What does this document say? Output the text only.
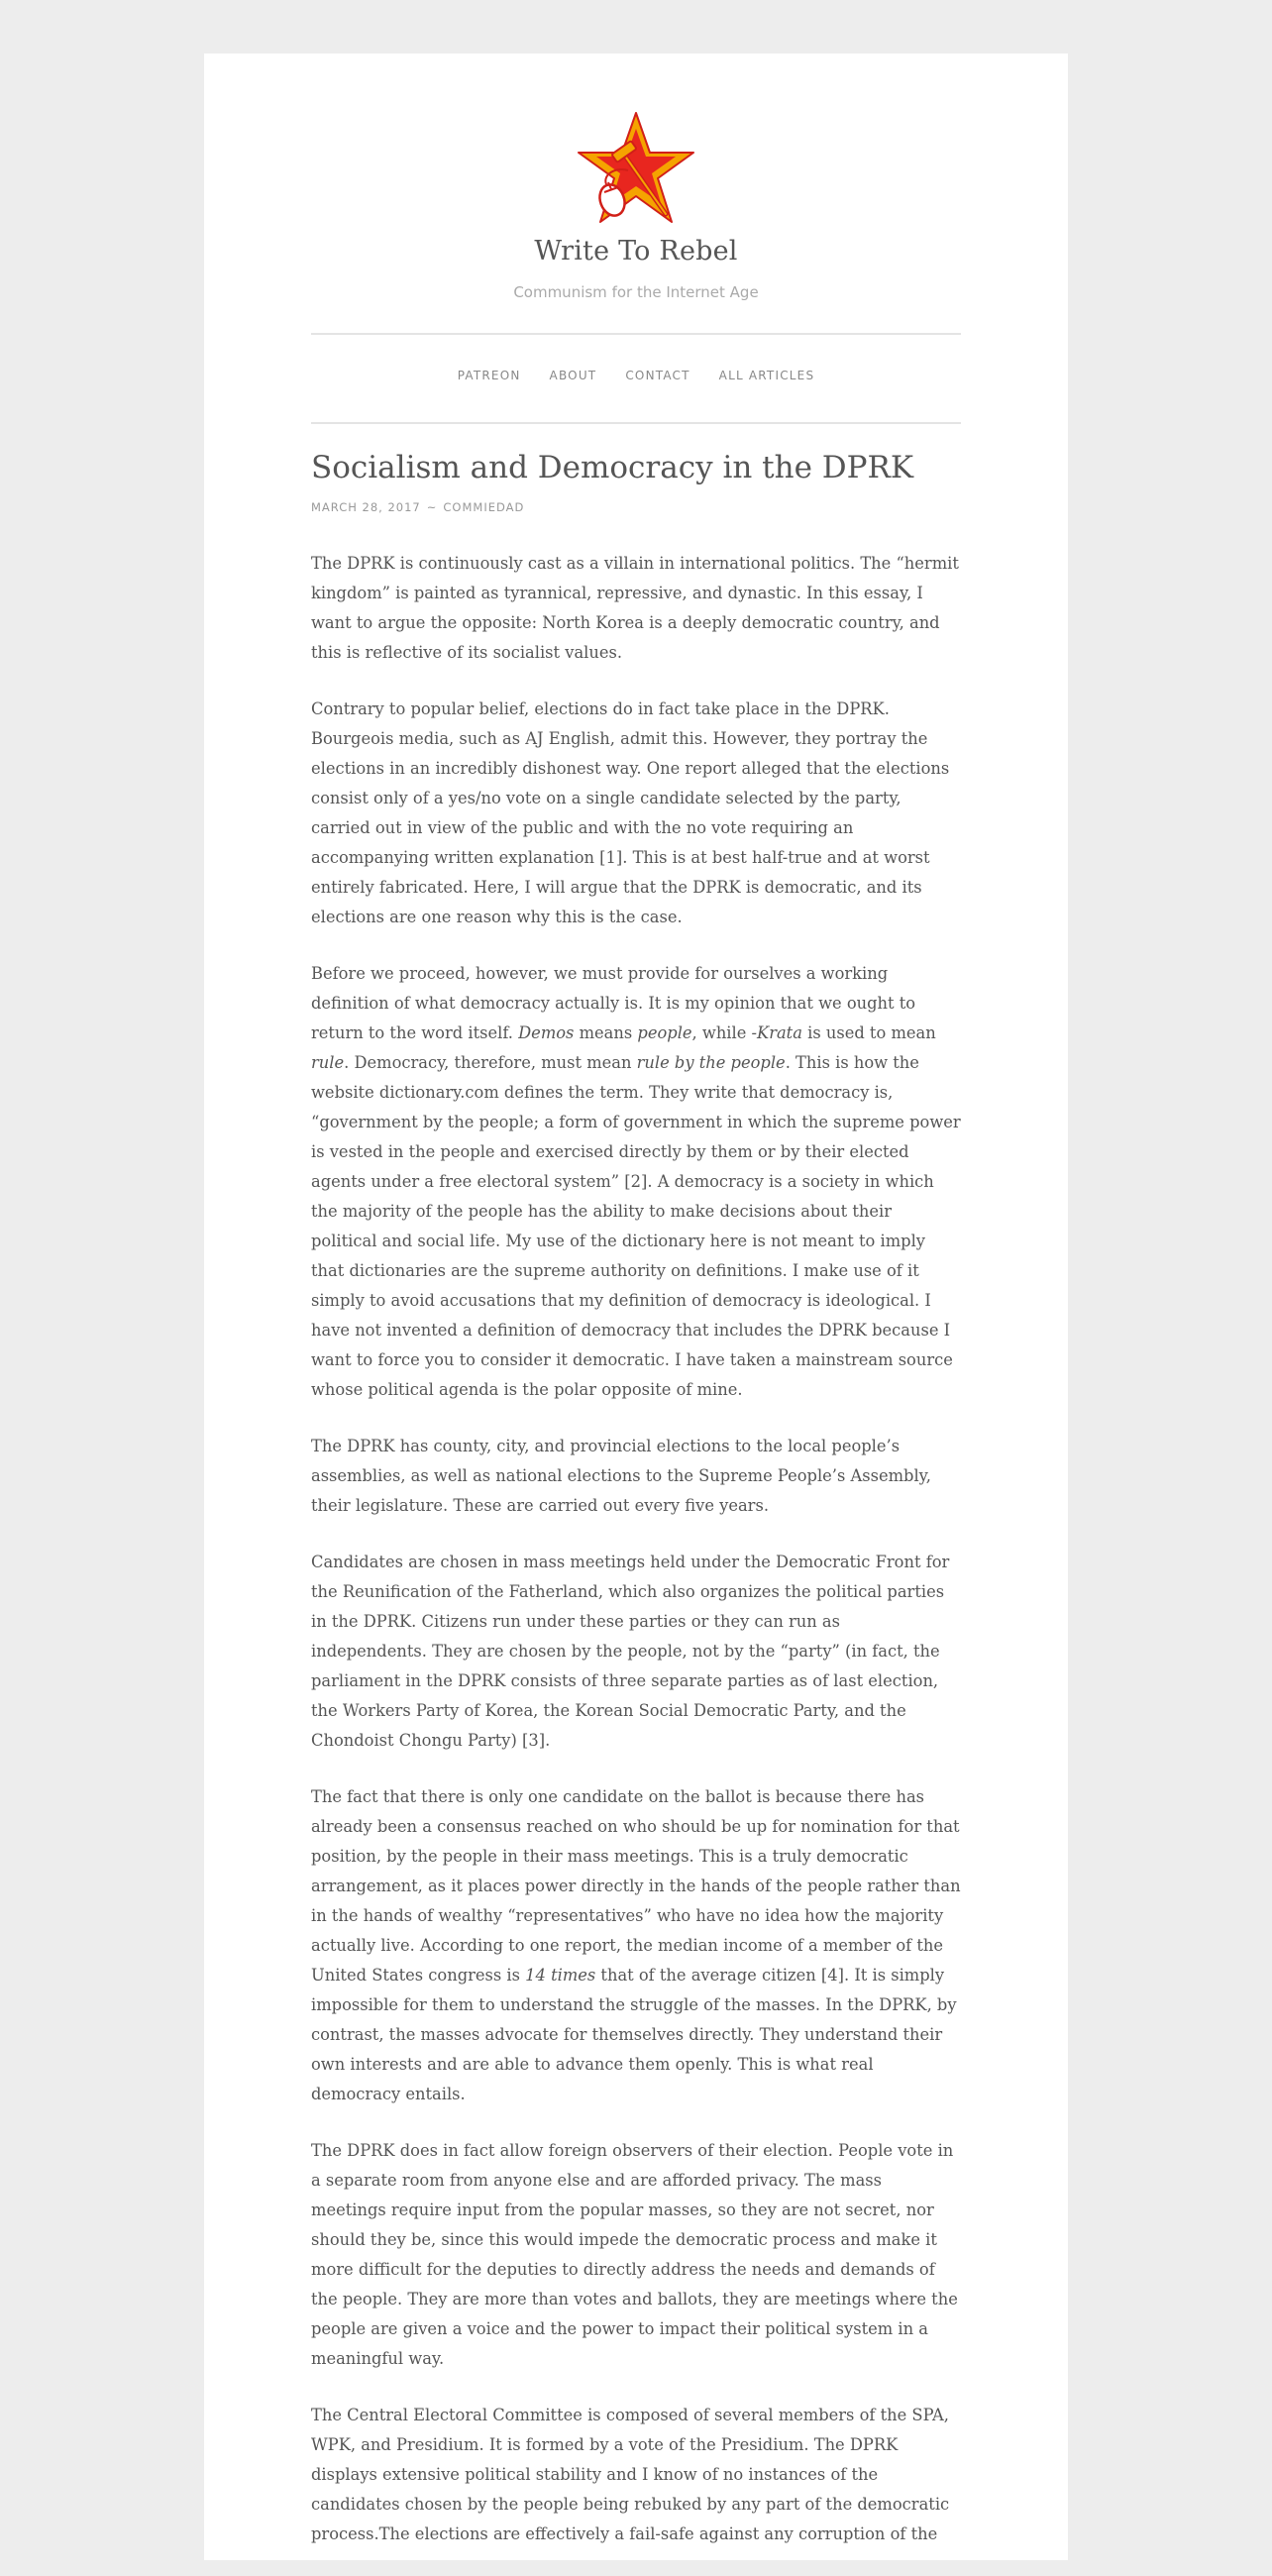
Write To Rebel
Communism for the Internet Age
PATREON ABOUT CONTACT ALL ARTICLES
Socialism and Democracy in the DPRK
MARCH 28, 2017 ~ COMMIEDAD

The DPRK is continuously cast as a villain in international politics. The “hermit kingdom” is painted as tyrannical, repressive, and dynastic. In this essay, I want to argue the opposite: North Korea is a deeply democratic country, and this is reflective of its socialist values.

Contrary to popular belief, elections do in fact take place in the DPRK. Bourgeois media, such as AJ English, admit this. However, they portray the elections in an incredibly dishonest way. One report alleged that the elections consist only of a yes/no vote on a single candidate selected by the party, carried out in view of the public and with the no vote requiring an accompanying written explanation [1]. This is at best half-true and at worst entirely fabricated. Here, I will argue that the DPRK is democratic, and its elections are one reason why this is the case.

Before we proceed, however, we must provide for ourselves a working definition of what democracy actually is. It is my opinion that we ought to return to the word itself. Demos means people, while -Krata is used to mean rule. Democracy, therefore, must mean rule by the people. This is how the website dictionary.com defines the term. They write that democracy is, “government by the people; a form of government in which the supreme power is vested in the people and exercised directly by them or by their elected agents under a free electoral system” [2]. A democracy is a society in which the majority of the people has the ability to make decisions about their political and social life. My use of the dictionary here is not meant to imply that dictionaries are the supreme authority on definitions. I make use of it simply to avoid accusations that my definition of democracy is ideological. I have not invented a definition of democracy that includes the DPRK because I want to force you to consider it democratic. I have taken a mainstream source whose political agenda is the polar opposite of mine.

The DPRK has county, city, and provincial elections to the local people’s assemblies, as well as national elections to the Supreme People’s Assembly, their legislature. These are carried out every five years.

Candidates are chosen in mass meetings held under the Democratic Front for the Reunification of the Fatherland, which also organizes the political parties in the DPRK. Citizens run under these parties or they can run as independents. They are chosen by the people, not by the “party” (in fact, the parliament in the DPRK consists of three separate parties as of last election, the Workers Party of Korea, the Korean Social Democratic Party, and the Chondoist Chongu Party) [3].

The fact that there is only one candidate on the ballot is because there has already been a consensus reached on who should be up for nomination for that position, by the people in their mass meetings. This is a truly democratic arrangement, as it places power directly in the hands of the people rather than in the hands of wealthy “representatives” who have no idea how the majority actually live. According to one report, the median income of a member of the United States congress is 14 times that of the average citizen [4]. It is simply impossible for them to understand the struggle of the masses. In the DPRK, by contrast, the masses advocate for themselves directly. They understand their own interests and are able to advance them openly. This is what real democracy entails.

The DPRK does in fact allow foreign observers of their election. People vote in a separate room from anyone else and are afforded privacy. The mass meetings require input from the popular masses, so they are not secret, nor should they be, since this would impede the democratic process and make it more difficult for the deputies to directly address the needs and demands of the people. They are more than votes and ballots, they are meetings where the people are given a voice and the power to impact their political system in a meaningful way.

The Central Electoral Committee is composed of several members of the SPA, WPK, and Presidium. It is formed by a vote of the Presidium. The DPRK displays extensive political stability and I know of no instances of the candidates chosen by the people being rebuked by any part of the democratic process.The elections are effectively a fail-safe against any corruption of the
